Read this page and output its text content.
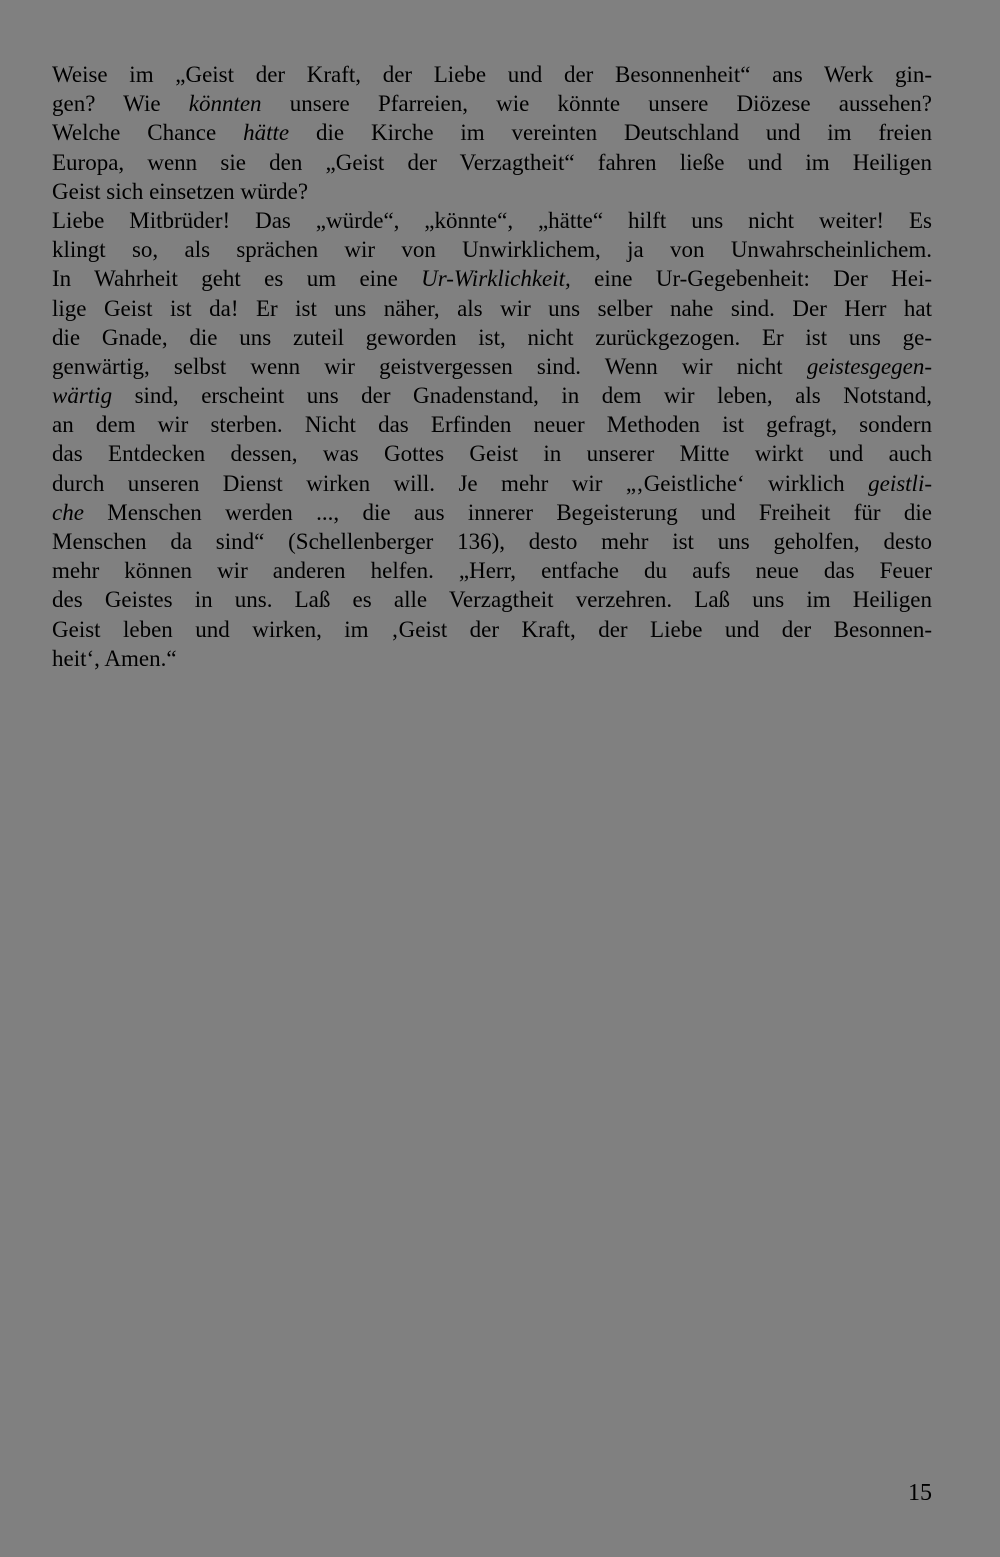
Weise im „Geist der Kraft, der Liebe und der Besonnenheit“ ans Werk gin-
gen? Wie könnten unsere Pfarreien, wie könnte unsere Diözese aussehen?
Welche Chance hätte die Kirche im vereinten Deutschland und im freien
Europa, wenn sie den „Geist der Verzagtheit“ fahren ließe und im Heiligen
Geist sich einsetzen würde?
Liebe Mitbrüder! Das „würde“, „könnte“, „hätte“ hilft uns nicht weiter! Es
klingt so, als sprächen wir von Unwirklichem, ja von Unwahrscheinlichem.
In Wahrheit geht es um eine Ur-Wirklichkeit, eine Ur-Gegebenheit: Der Hei-
lige Geist ist da! Er ist uns näher, als wir uns selber nahe sind. Der Herr hat
die Gnade, die uns zuteil geworden ist, nicht zurückgezogen. Er ist uns ge-
genwärtig, selbst wenn wir geistvergessen sind. Wenn wir nicht geistesgegen-
wärtig sind, erscheint uns der Gnadenstand, in dem wir leben, als Notstand,
an dem wir sterben. Nicht das Erfinden neuer Methoden ist gefragt, sondern
das Entdecken dessen, was Gottes Geist in unserer Mitte wirkt und auch
durch unseren Dienst wirken will. Je mehr wir „‚Geistliche‘ wirklich geistli-
che Menschen werden ..., die aus innerer Begeisterung und Freiheit für die
Menschen da sind“ (Schellenberger 136), desto mehr ist uns geholfen, desto
mehr können wir anderen helfen. „Herr, entfache du aufs neue das Feuer
des Geistes in uns. Laß es alle Verzagtheit verzehren. Laß uns im Heiligen
Geist leben und wirken, im ‚Geist der Kraft, der Liebe und der Besonnen-
heit‘, Amen.“
15
